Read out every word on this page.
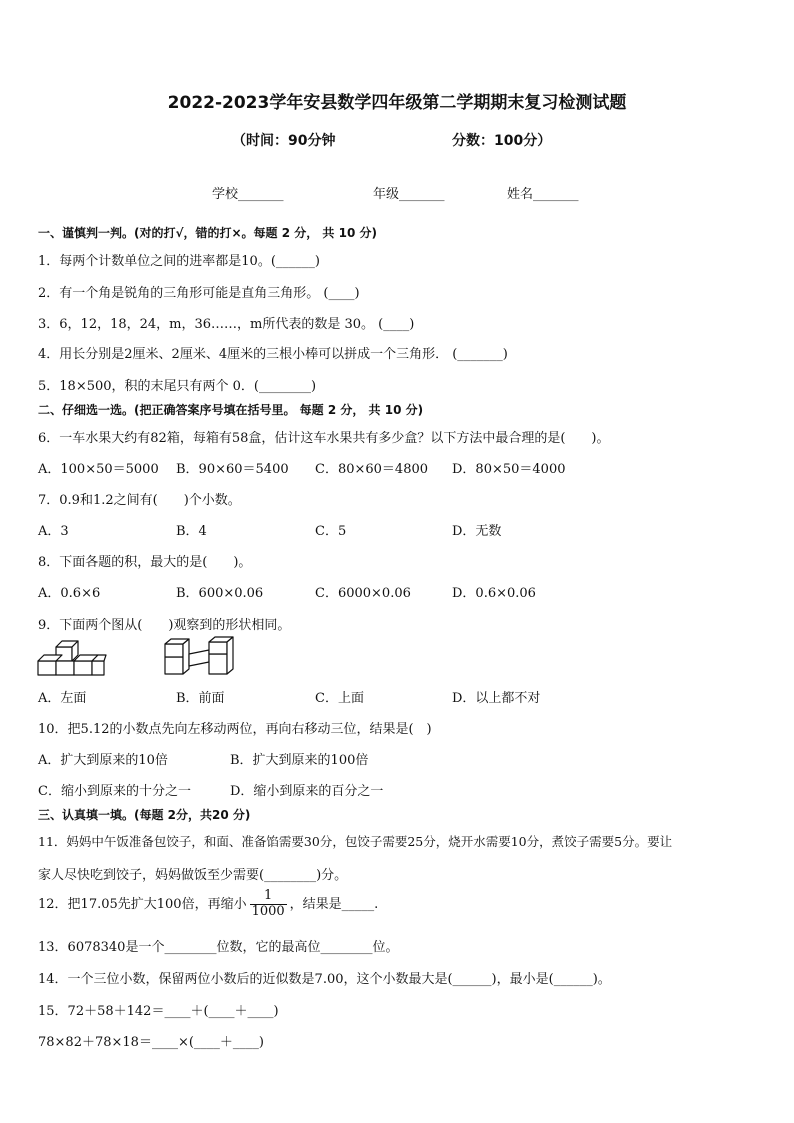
2022-2023学年安县数学四年级第二学期期末复习检测试题
（时间：90分钟	分数：100分）
学校_______	年级_______	姓名_______
一、谨慎判一判。(对的打√，错的打×。每题 2 分， 共 10 分)
1．每两个计数单位之间的进率都是10。(______)
2．有一个角是锐角的三角形可能是直角三角形。 (____)
3．6，12，18，24，m，36……，m所代表的数是 30。 (____)
4．用长分别是2厘米、2厘米、4厘米的三根小棒可以拼成一个三角形． (_______)
5．18×500，积的末尾只有两个 0．(________)
二、仔细选一选。(把正确答案序号填在括号里。 每题 2 分， 共 10 分)
6．一车水果大约有82箱，每箱有58盒，估计这车水果共有多少盒？以下方法中最合理的是(　　)。
A．100×50＝5000 B．90×60＝5400 C．80×60＝4800 D．80×50＝4000
7．0.9和1.2之间有(　　)个小数。
A．3	B．4	C．5	D．无数
8．下面各题的积，最大的是(　　)。
A．0.6×6	B．600×0.06	C．6000×0.06	D．0.6×0.06
9．下面两个图从(　　)观察到的形状相同。
A．左面	B．前面	C．上面	D．以上都不对
10．把5.12的小数点先向左移动两位，再向右移动三位，结果是(　)
A．扩大到原来的10倍	B．扩大到原来的100倍
C．缩小到原来的十分之一	D．缩小到原来的百分之一
三、认真填一填。(每题 2分，共20 分)
11．妈妈中午饭准备包饺子，和面、准备馅需要30分，包饺子需要25分，烧开水需要10分，煮饺子需要5分。要让
家人尽快吃到饺子，妈妈做饭至少需要(________)分。
12．把17.05先扩大100倍，再缩小 $\frac{1}{1000}$ ，结果是_____.
13．6078340是一个________位数，它的最高位________位。
14．一个三位小数，保留两位小数后的近似数是7.00，这个小数最大是(______)，最小是(______)。
15．72＋58＋142＝____＋(____＋____)
78×82＋78×18＝____×(____＋____)
